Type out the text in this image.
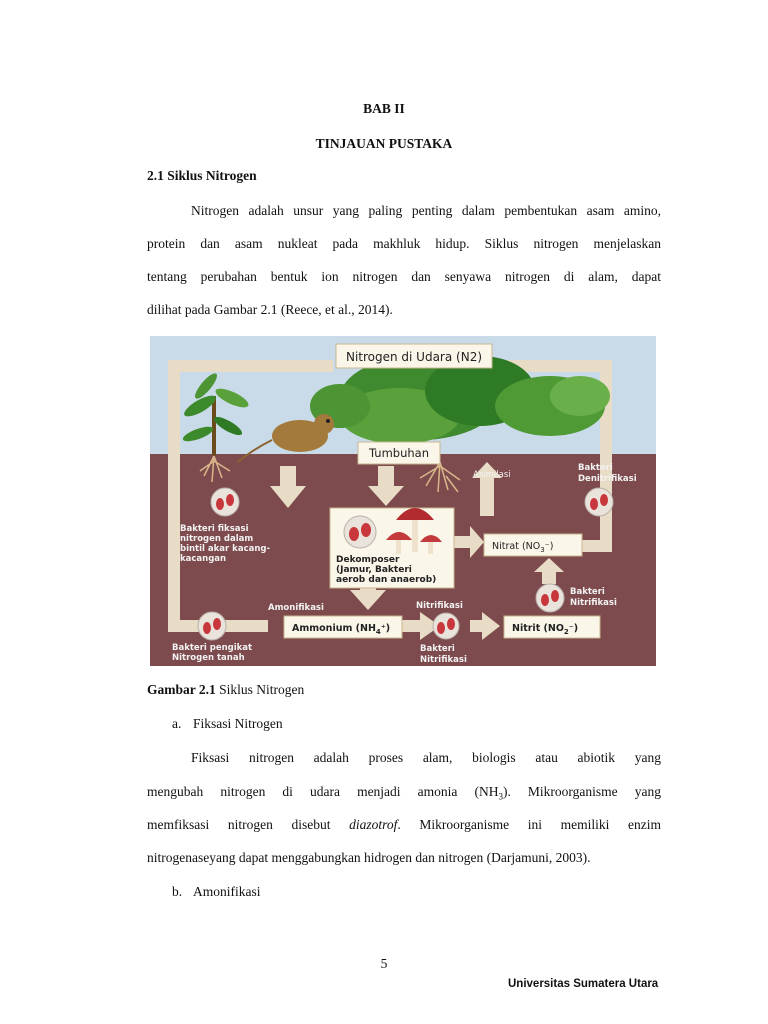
BAB II
TINJAUAN PUSTAKA
2.1 Siklus Nitrogen
Nitrogen adalah unsur yang paling penting dalam pembentukan asam amino,
protein dan asam nukleat pada makhluk hidup. Siklus nitrogen menjelaskan
tentang perubahan bentuk ion nitrogen dan senyawa nitrogen di alam, dapat
dilihat pada Gambar 2.1 (Reece, et al., 2014).
Nitrogen di Udara (N2)
Tumbuhan
Asimilasi
Bakteri
Denitrifikasi
Bakteri fiksasi
nitrogen dalam
bintil akar kacang-
kacangan	Dekomposer
(Jamur, Bakteri
aerob dan anaerob)
Nitrat $(NO_3^-)$
Bakteri
Nitrifikasi
Amonifikasi	Nitrifikasi
Ammonium $(NH_4^+)$
Bakteri
Nitrifikasi
Nitrit $(NO_2^-)$
Bakteri pengikat
Nitrogen tanah
Gambar 2.1 Siklus Nitrogen
a. Fiksasi Nitrogen
Fiksasi nitrogen adalah proses alam, biologis atau abiotik yang
mengubah nitrogen di udara menjadi amonia $(NH_3)$. Mikroorganisme yang
memfiksasi nitrogen disebut diazotrof. Mikroorganisme ini memiliki enzim
nitrogenaseyang dapat menggabungkan hidrogen dan nitrogen (Darjamuni, 2003).
b. Amonifikasi
5
Universitas Sumatera Utara
